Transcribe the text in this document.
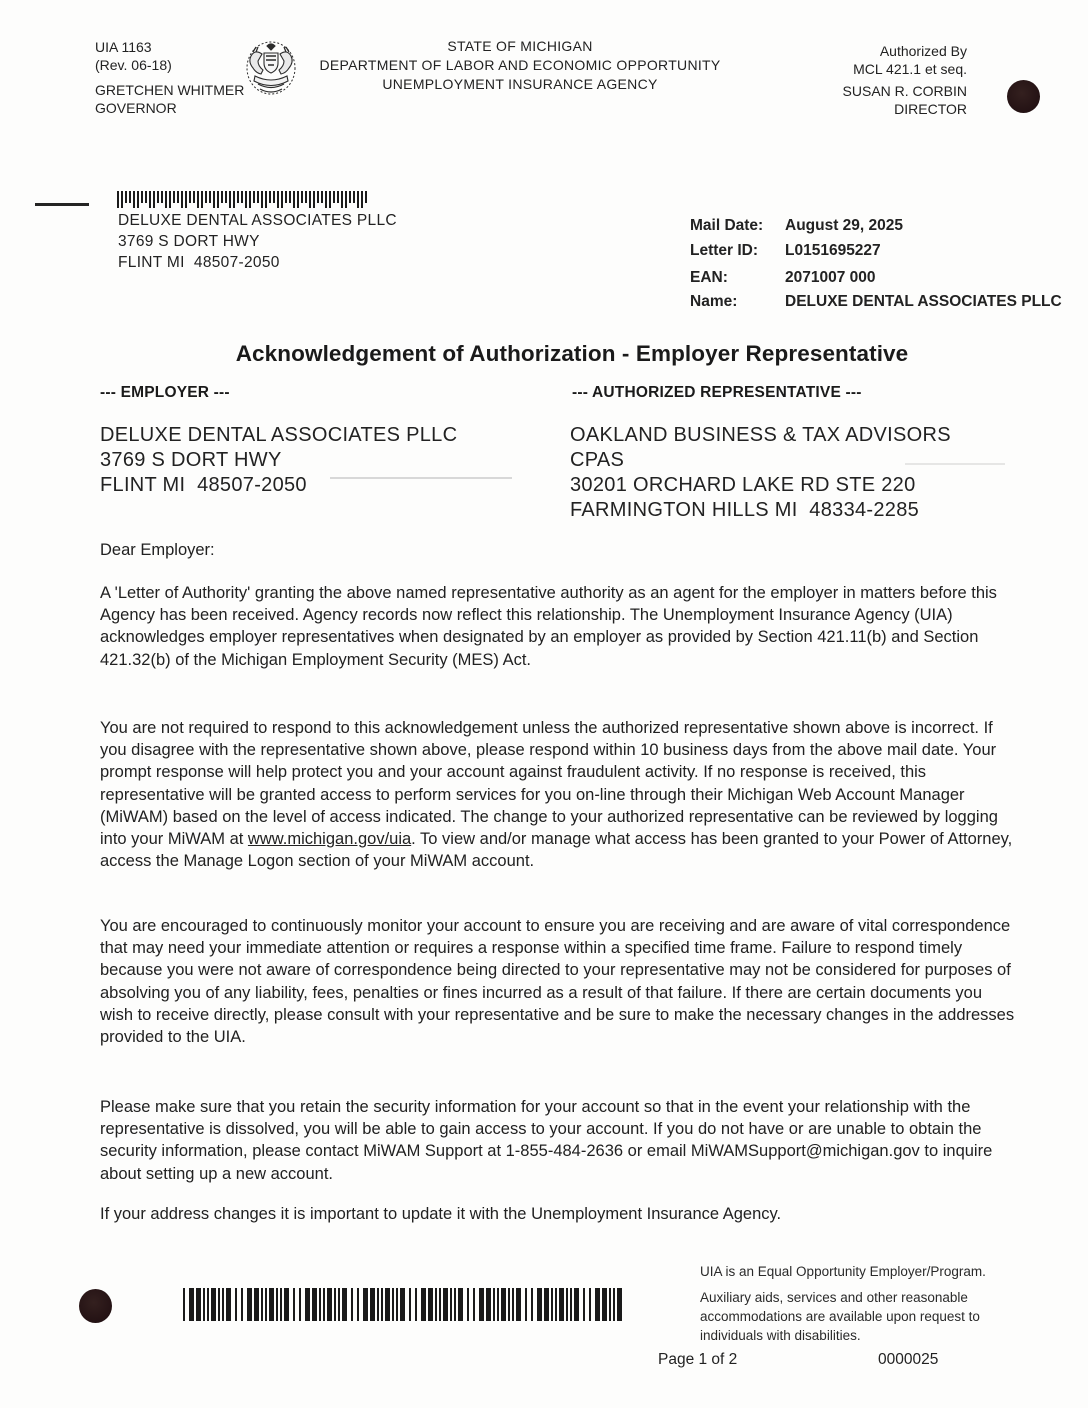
UIA 1163
(Rev. 06-18)
GRETCHEN WHITMER
GOVERNOR
STATE OF MICHIGAN
DEPARTMENT OF LABOR AND ECONOMIC OPPORTUNITY
UNEMPLOYMENT INSURANCE AGENCY
Authorized By
MCL 421.1 et seq.
SUSAN R. CORBIN
DIRECTOR
DELUXE DENTAL ASSOCIATES PLLC
3769 S DORT HWY
FLINT MI  48507-2050
Mail Date:	August 29, 2025
Letter ID:	L0151695227
EAN:	2071007 000
Name:	DELUXE DENTAL ASSOCIATES PLLC
Acknowledgement of Authorization - Employer Representative
--- EMPLOYER ---	--- AUTHORIZED REPRESENTATIVE ---
DELUXE DENTAL ASSOCIATES PLLC
3769 S DORT HWY
FLINT MI  48507-2050
OAKLAND BUSINESS & TAX ADVISORS
CPAS
30201 ORCHARD LAKE RD STE 220
FARMINGTON HILLS MI  48334-2285
Dear Employer:
A 'Letter of Authority' granting the above named representative authority as an agent for the employer in matters before this Agency has been received. Agency records now reflect this relationship. The Unemployment Insurance Agency (UIA) acknowledges employer representatives when designated by an employer as provided by Section 421.11(b) and Section 421.32(b) of the Michigan Employment Security (MES) Act.
You are not required to respond to this acknowledgement unless the authorized representative shown above is incorrect. If you disagree with the representative shown above, please respond within 10 business days from the above mail date. Your prompt response will help protect you and your account against fraudulent activity. If no response is received, this representative will be granted access to perform services for you on-line through their Michigan Web Account Manager (MiWAM) based on the level of access indicated. The change to your authorized representative can be reviewed by logging into your MiWAM at www.michigan.gov/uia. To view and/or manage what access has been granted to your Power of Attorney, access the Manage Logon section of your MiWAM account.
You are encouraged to continuously monitor your account to ensure you are receiving and are aware of vital correspondence that may need your immediate attention or requires a response within a specified time frame. Failure to respond timely because you were not aware of correspondence being directed to your representative may not be considered for purposes of absolving you of any liability, fees, penalties or fines incurred as a result of that failure. If there are certain documents you wish to receive directly, please consult with your representative and be sure to make the necessary changes in the addresses provided to the UIA.
Please make sure that you retain the security information for your account so that in the event your relationship with the representative is dissolved, you will be able to gain access to your account. If you do not have or are unable to obtain the security information, please contact MiWAM Support at 1-855-484-2636 or email MiWAMSupport@michigan.gov to inquire about setting up a new account.
If your address changes it is important to update it with the Unemployment Insurance Agency.
UIA is an Equal Opportunity Employer/Program.
Auxiliary aids, services and other reasonable accommodations are available upon request to individuals with disabilities.
Page 1 of 2	0000025
